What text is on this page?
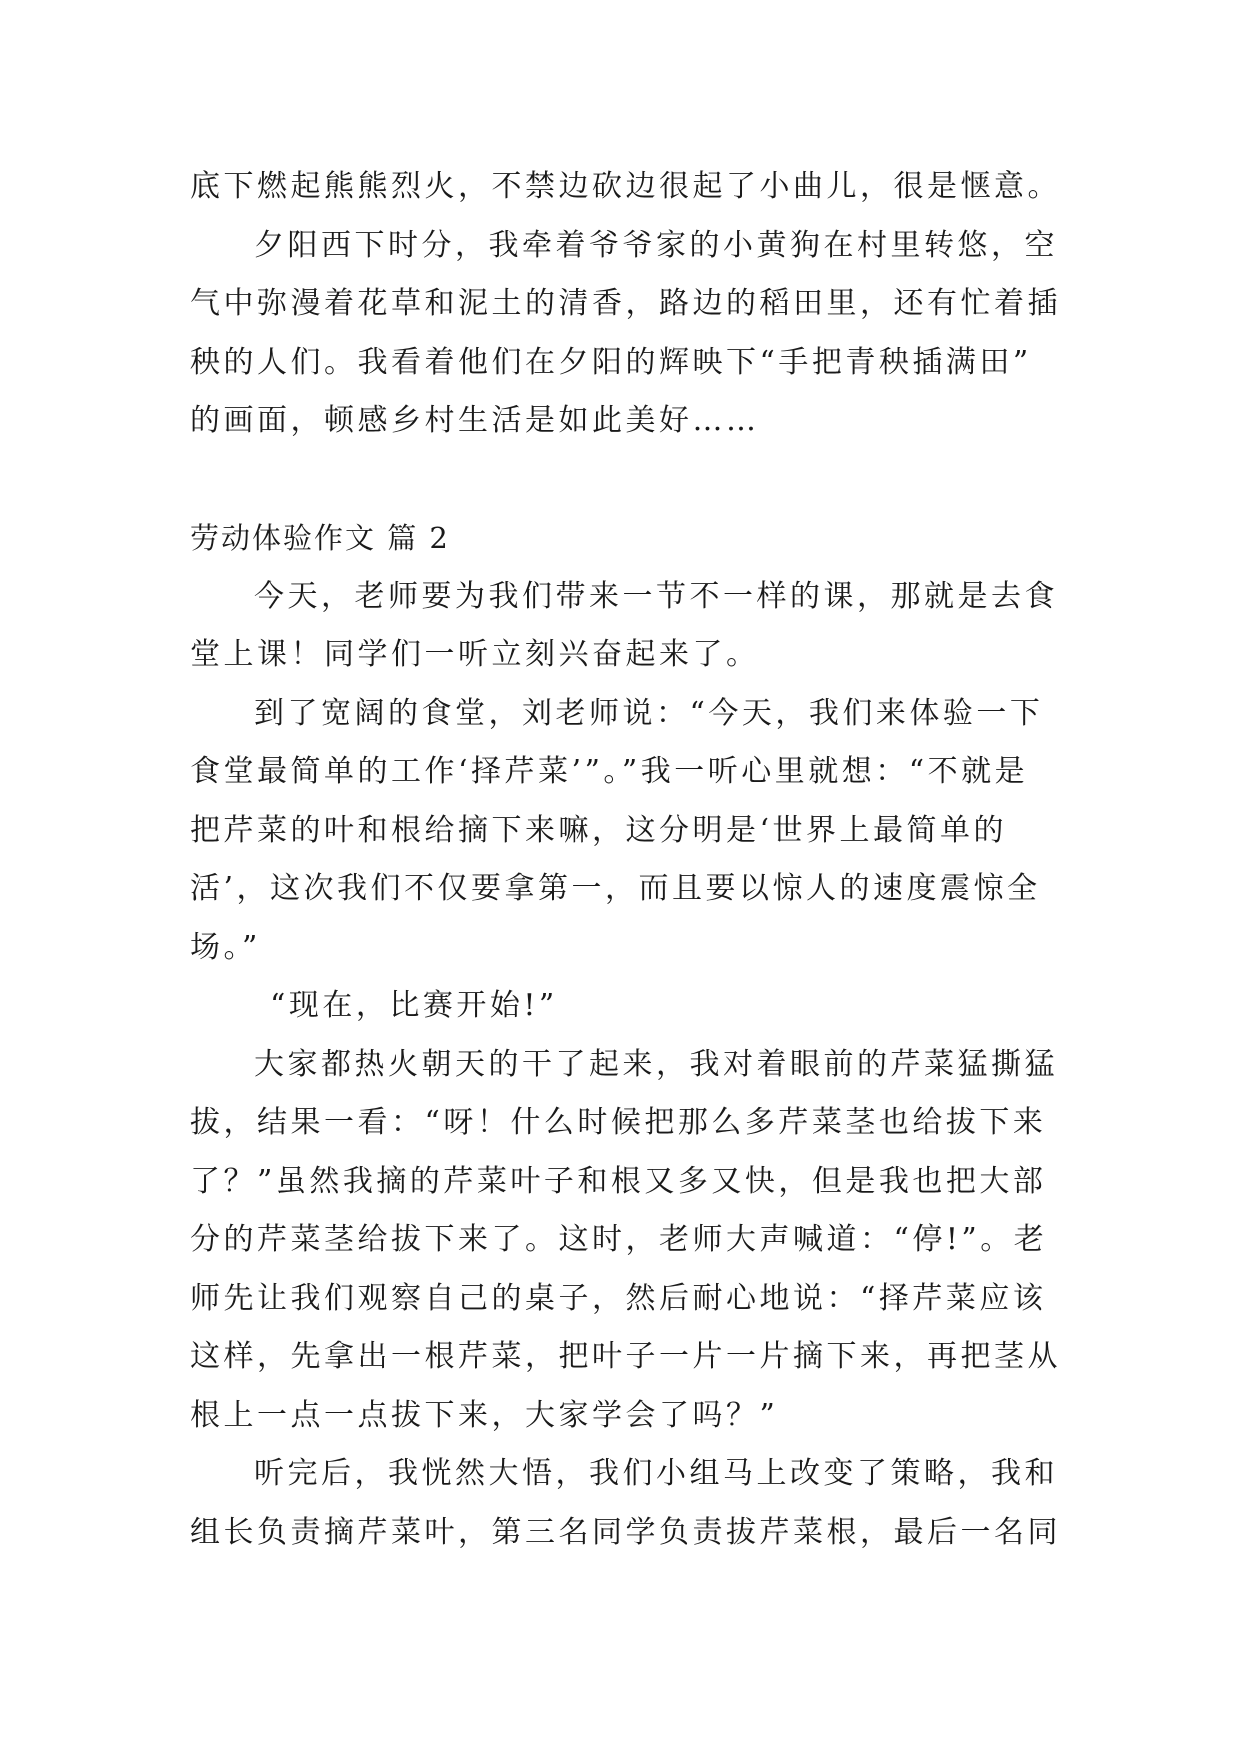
底下燃起熊熊烈火，不禁边砍边很起了小曲儿，很是惬意。
夕阳西下时分，我牵着爷爷家的小黄狗在村里转悠，空
气中弥漫着花草和泥土的清香，路边的稻田里，还有忙着插
秧的人们。我看着他们在夕阳的辉映下“手把青秧插满田”
的画面，顿感乡村生活是如此美好……
劳动体验作文 篇 2
今天，老师要为我们带来一节不一样的课，那就是去食
堂上课！同学们一听立刻兴奋起来了。
到了宽阔的食堂，刘老师说：“今天，我们来体验一下
食堂最简单的工作‘择芹菜’”。”我一听心里就想：“不就是
把芹菜的叶和根给摘下来嘛，这分明是‘世界上最简单的
活’，这次我们不仅要拿第一，而且要以惊人的速度震惊全
场。”
“现在，比赛开始!”
大家都热火朝天的干了起来，我对着眼前的芹菜猛撕猛
拔，结果一看：“呀！什么时候把那么多芹菜茎也给拔下来
了？”虽然我摘的芹菜叶子和根又多又快，但是我也把大部
分的芹菜茎给拔下来了。这时，老师大声喊道：“停!”。老
师先让我们观察自己的桌子，然后耐心地说：“择芹菜应该
这样，先拿出一根芹菜，把叶子一片一片摘下来，再把茎从
根上一点一点拔下来，大家学会了吗？”
听完后，我恍然大悟，我们小组马上改变了策略，我和
组长负责摘芹菜叶，第三名同学负责拔芹菜根，最后一名同
